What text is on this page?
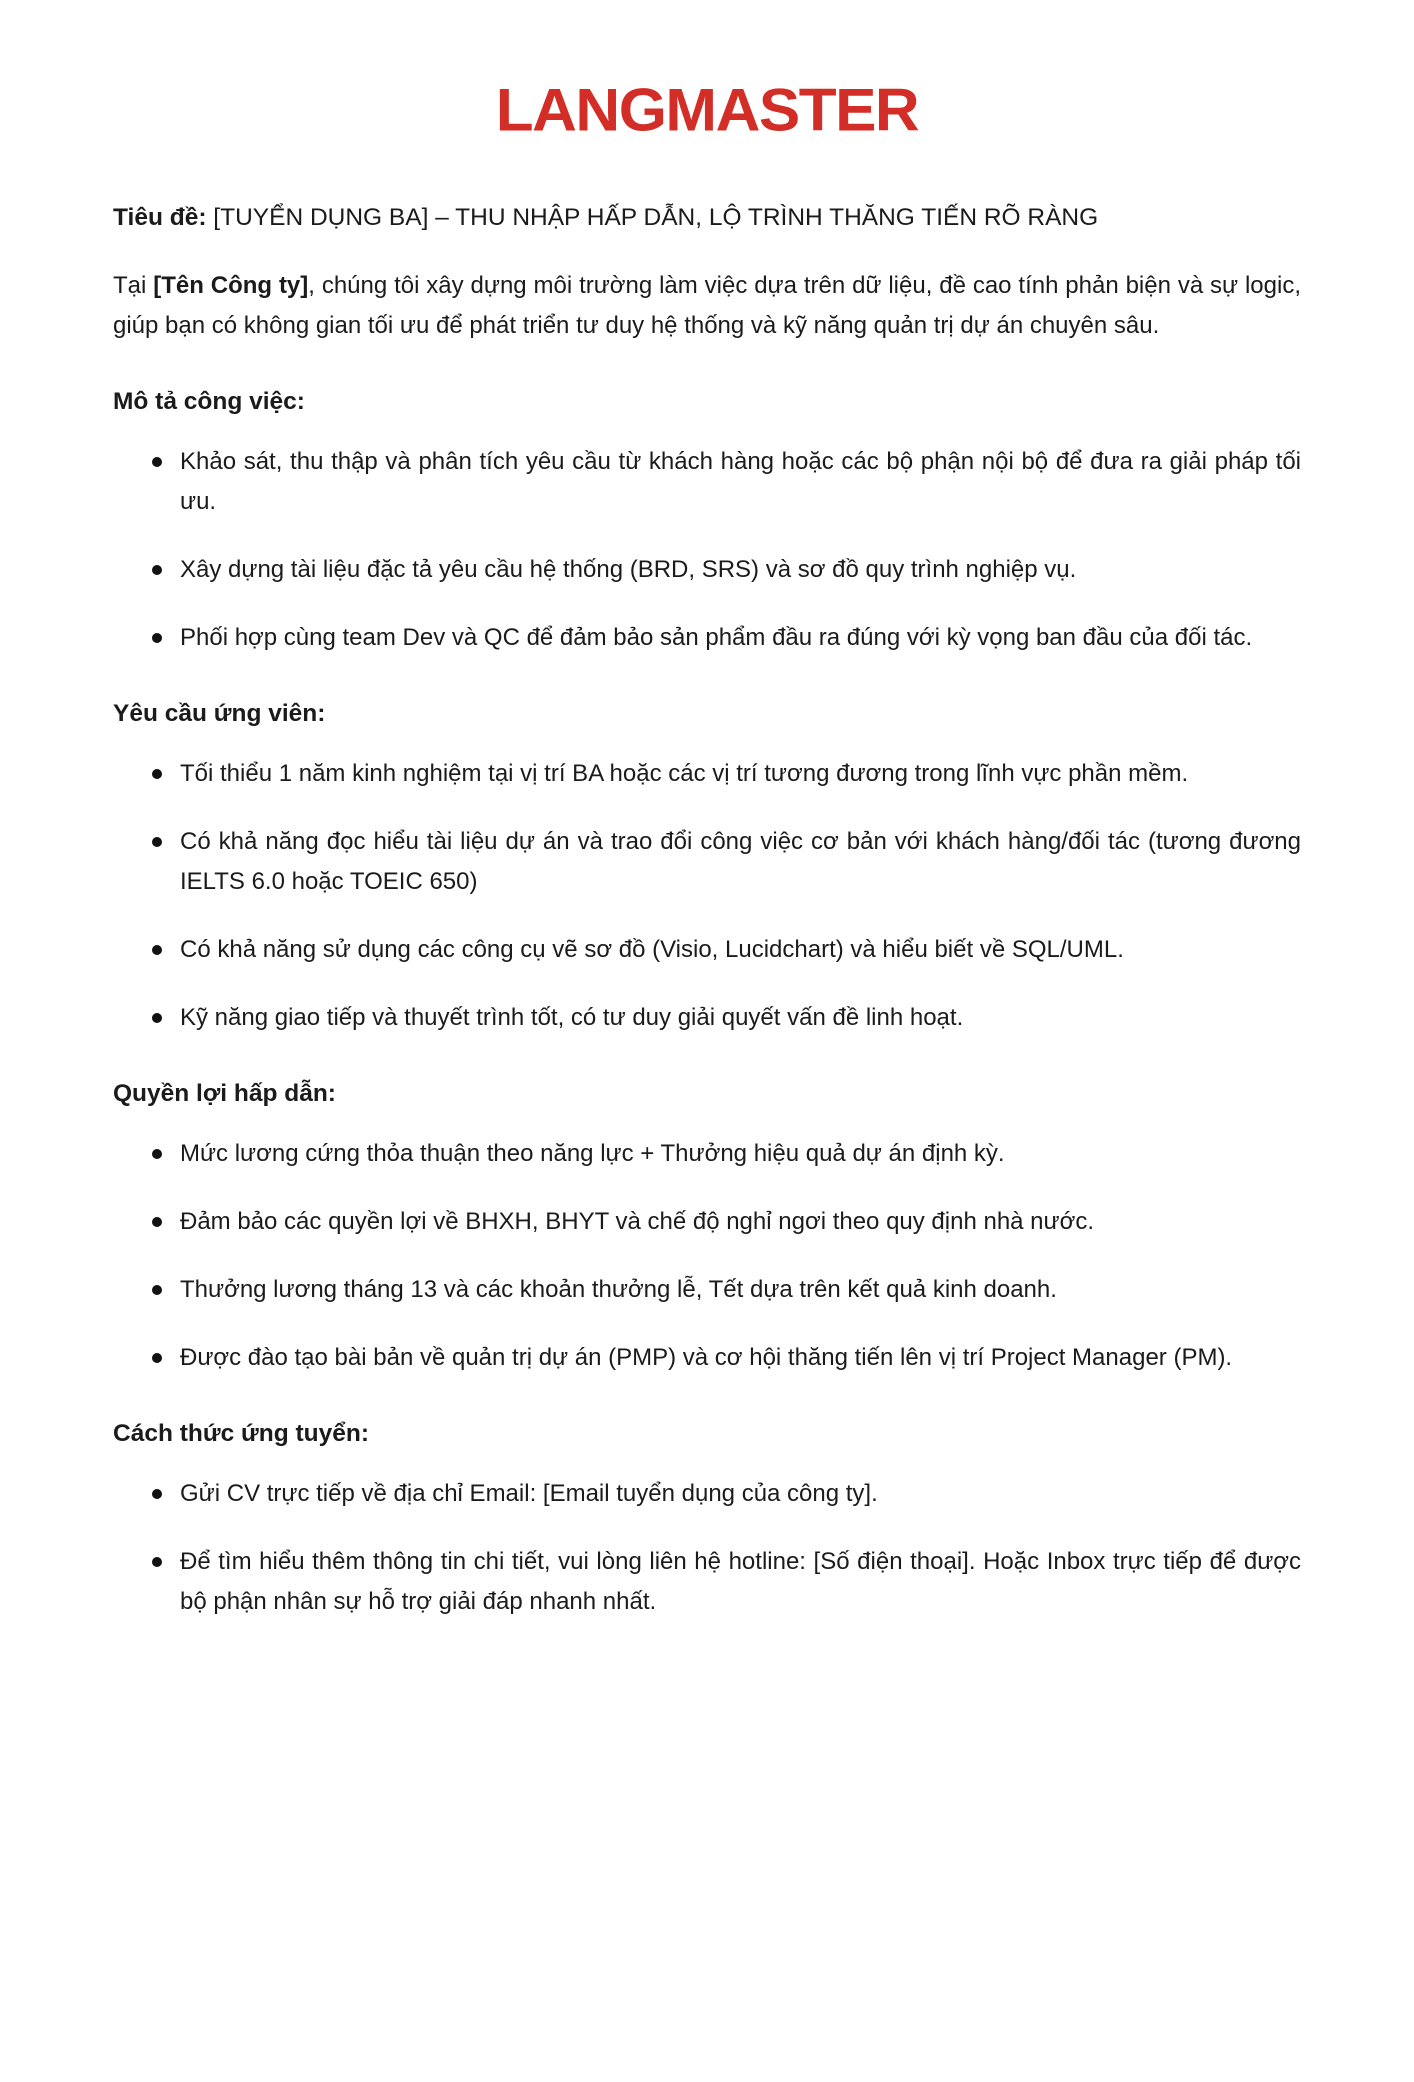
LANGMASTER

Tiêu đề: [TUYỂN DỤNG BA] – THU NHẬP HẤP DẪN, LỘ TRÌNH THĂNG TIẾN RÕ RÀNG

Tại [Tên Công ty], chúng tôi xây dựng môi trường làm việc dựa trên dữ liệu, đề cao tính phản biện và sự logic, giúp bạn có không gian tối ưu để phát triển tư duy hệ thống và kỹ năng quản trị dự án chuyên sâu.

Mô tả công việc:

Khảo sát, thu thập và phân tích yêu cầu từ khách hàng hoặc các bộ phận nội bộ để đưa ra giải pháp tối ưu.

Xây dựng tài liệu đặc tả yêu cầu hệ thống (BRD, SRS) và sơ đồ quy trình nghiệp vụ.

Phối hợp cùng team Dev và QC để đảm bảo sản phẩm đầu ra đúng với kỳ vọng ban đầu của đối tác.

Yêu cầu ứng viên:

Tối thiểu 1 năm kinh nghiệm tại vị trí BA hoặc các vị trí tương đương trong lĩnh vực phần mềm.

Có khả năng đọc hiểu tài liệu dự án và trao đổi công việc cơ bản với khách hàng/đối tác (tương đương IELTS 6.0 hoặc TOEIC 650)

Có khả năng sử dụng các công cụ vẽ sơ đồ (Visio, Lucidchart) và hiểu biết về SQL/UML.

Kỹ năng giao tiếp và thuyết trình tốt, có tư duy giải quyết vấn đề linh hoạt.

Quyền lợi hấp dẫn:

Mức lương cứng thỏa thuận theo năng lực + Thưởng hiệu quả dự án định kỳ.

Đảm bảo các quyền lợi về BHXH, BHYT và chế độ nghỉ ngơi theo quy định nhà nước.

Thưởng lương tháng 13 và các khoản thưởng lễ, Tết dựa trên kết quả kinh doanh.

Được đào tạo bài bản về quản trị dự án (PMP) và cơ hội thăng tiến lên vị trí Project Manager (PM).

Cách thức ứng tuyển:

Gửi CV trực tiếp về địa chỉ Email: [Email tuyển dụng của công ty].

Để tìm hiểu thêm thông tin chi tiết, vui lòng liên hệ hotline: [Số điện thoại]. Hoặc Inbox trực tiếp để được bộ phận nhân sự hỗ trợ giải đáp nhanh nhất.
